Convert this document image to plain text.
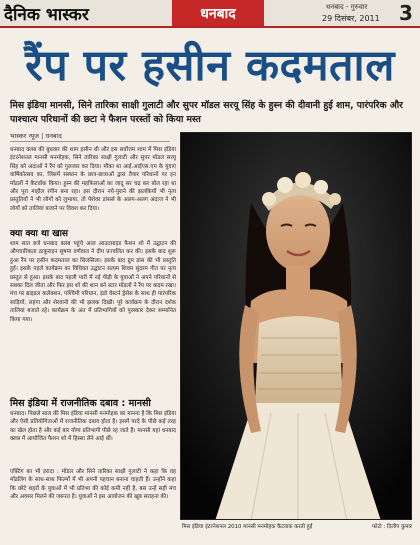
दैनिक भास्कर	धनबाद	धनबाद - गुरुवार
29 दिसंबर, 2011 3
रैंप पर हसीन कदमताल
मिस इंडिया मानसी, सिने तारिका साक्षी गुलाटी और सुपर मॉडल सरयू सिंह के हुस्न की दीवानी हुई शाम, पारंपरिक और पाश्चात्य परिधानों की छटा ने फैशन परस्तों को किया मस्त
भास्कर न्यूज | धनबाद
धनबाद क्लब की बुधवार की शाम हसीन थी और इस सर्वोत्तम शाम में मिस इंडिया इंटरनेशनल मानसी मनमोहक, सिने तारिका साक्षी गुलाटी और सुपर मॉडल सरयू सिंह को अदाओं ने रैंप को गुलजार कर दिया। मौका था आई.आईएस.एम के युवाएं वार्षिकोत्सव का, जिसमें संस्थान के छात्र-छात्राओं द्वारा तैयार परिधानों पर इन मॉडलों ने कैटवॉक किया। हुस्न की महफिलाओं का जादू सर चढ़ कर बोल रहा था और पूरा माहौल रंगीन बना रहा। इस दौरान नये-पुराने की झलकियों भी नृत्य प्रस्तुतियों ने भी लोगों को लुभाया, तो पेशेवर डांसर्स के अलग-अलग अंदाज ने भी लोगों को तालियां बजाने पर विवश कर दिया।
क्या क्या था खास
शाम सात बजे धनबाद क्लब पहुंचे आल आउटसाइड फैशन शो में उद्घाटन की औपचारिकता ठाकुराइन सुषमा वर्णवाल ने दीप प्रज्वलित कर की। इसके बाद शुरू हुआ रैंप पर हसीन कदमताल का सिलसिला। इसके बाद ग्रुप डांस की भी प्रस्तुति हुई। इसके पहले कार्यक्रम का विधिवत उद्घाटन सत्यम शिवम सुंदरम गीत पर नृत्य प्रस्तुत से हुआ। इसके बाद पहली पारी में नई पीढ़ी के युवाओं ने अपने परिधानों से सबका दिल जीता और फिर इस शो की शान बने स्टार मॉडलों ने रैंप पर कदम रखा। मंच पर ब्राइडल कलेक्शन, पश्चिमी परिधान, इंडो वेस्टर्न ड्रेसेस के साथ ही पारंपरिक साड़ियों, लहंगा और शेरवानी की भी झलक दिखी। पूरे कार्यक्रम के दौरान दर्शक तालियां बजाते रहे। कार्यक्रम के अंत में प्रतिभागियों को पुरस्कार देकर सम्मानित किया गया।
मिस इंडिया में राजनीतिक दबाव : मानसी
धनबाद। पिछले साल की मिस इंडिया मानसी मनमोहक का मानना है कि मिस इंडिया और ऐसी प्रतियोगिताओं में राजनीतिक दबाव होता है। इसमें परदे के पीछे कई तरह का खेल होता है और कई बार योग्य प्रतिभागी पीछे रह जाते हैं। मानसी यहां धनबाद क्लब में आयोजित फैशन शो में हिस्सा लेने आई थीं।
एक्टिंग का भी इरादा : मॉडल और सिने तारिका साक्षी गुलाटी ने कहा कि वह मॉडलिंग के साथ-साथ फिल्मों में भी अपनी पहचान बनाना चाहती हैं। उन्होंने कहा कि छोटे शहरों के युवाओं में भी प्रतिभा की कोई कमी नहीं है, बस उन्हें सही मंच और अवसर मिलने की जरूरत है। युवाओं ने इस आयोजन की खूब सराहना की।
मिस इंडिया इंटरनेशनल 2010 मानसी मनमोहक कैटवाक करती हुईं	फोटो : दिलीप कुमार
